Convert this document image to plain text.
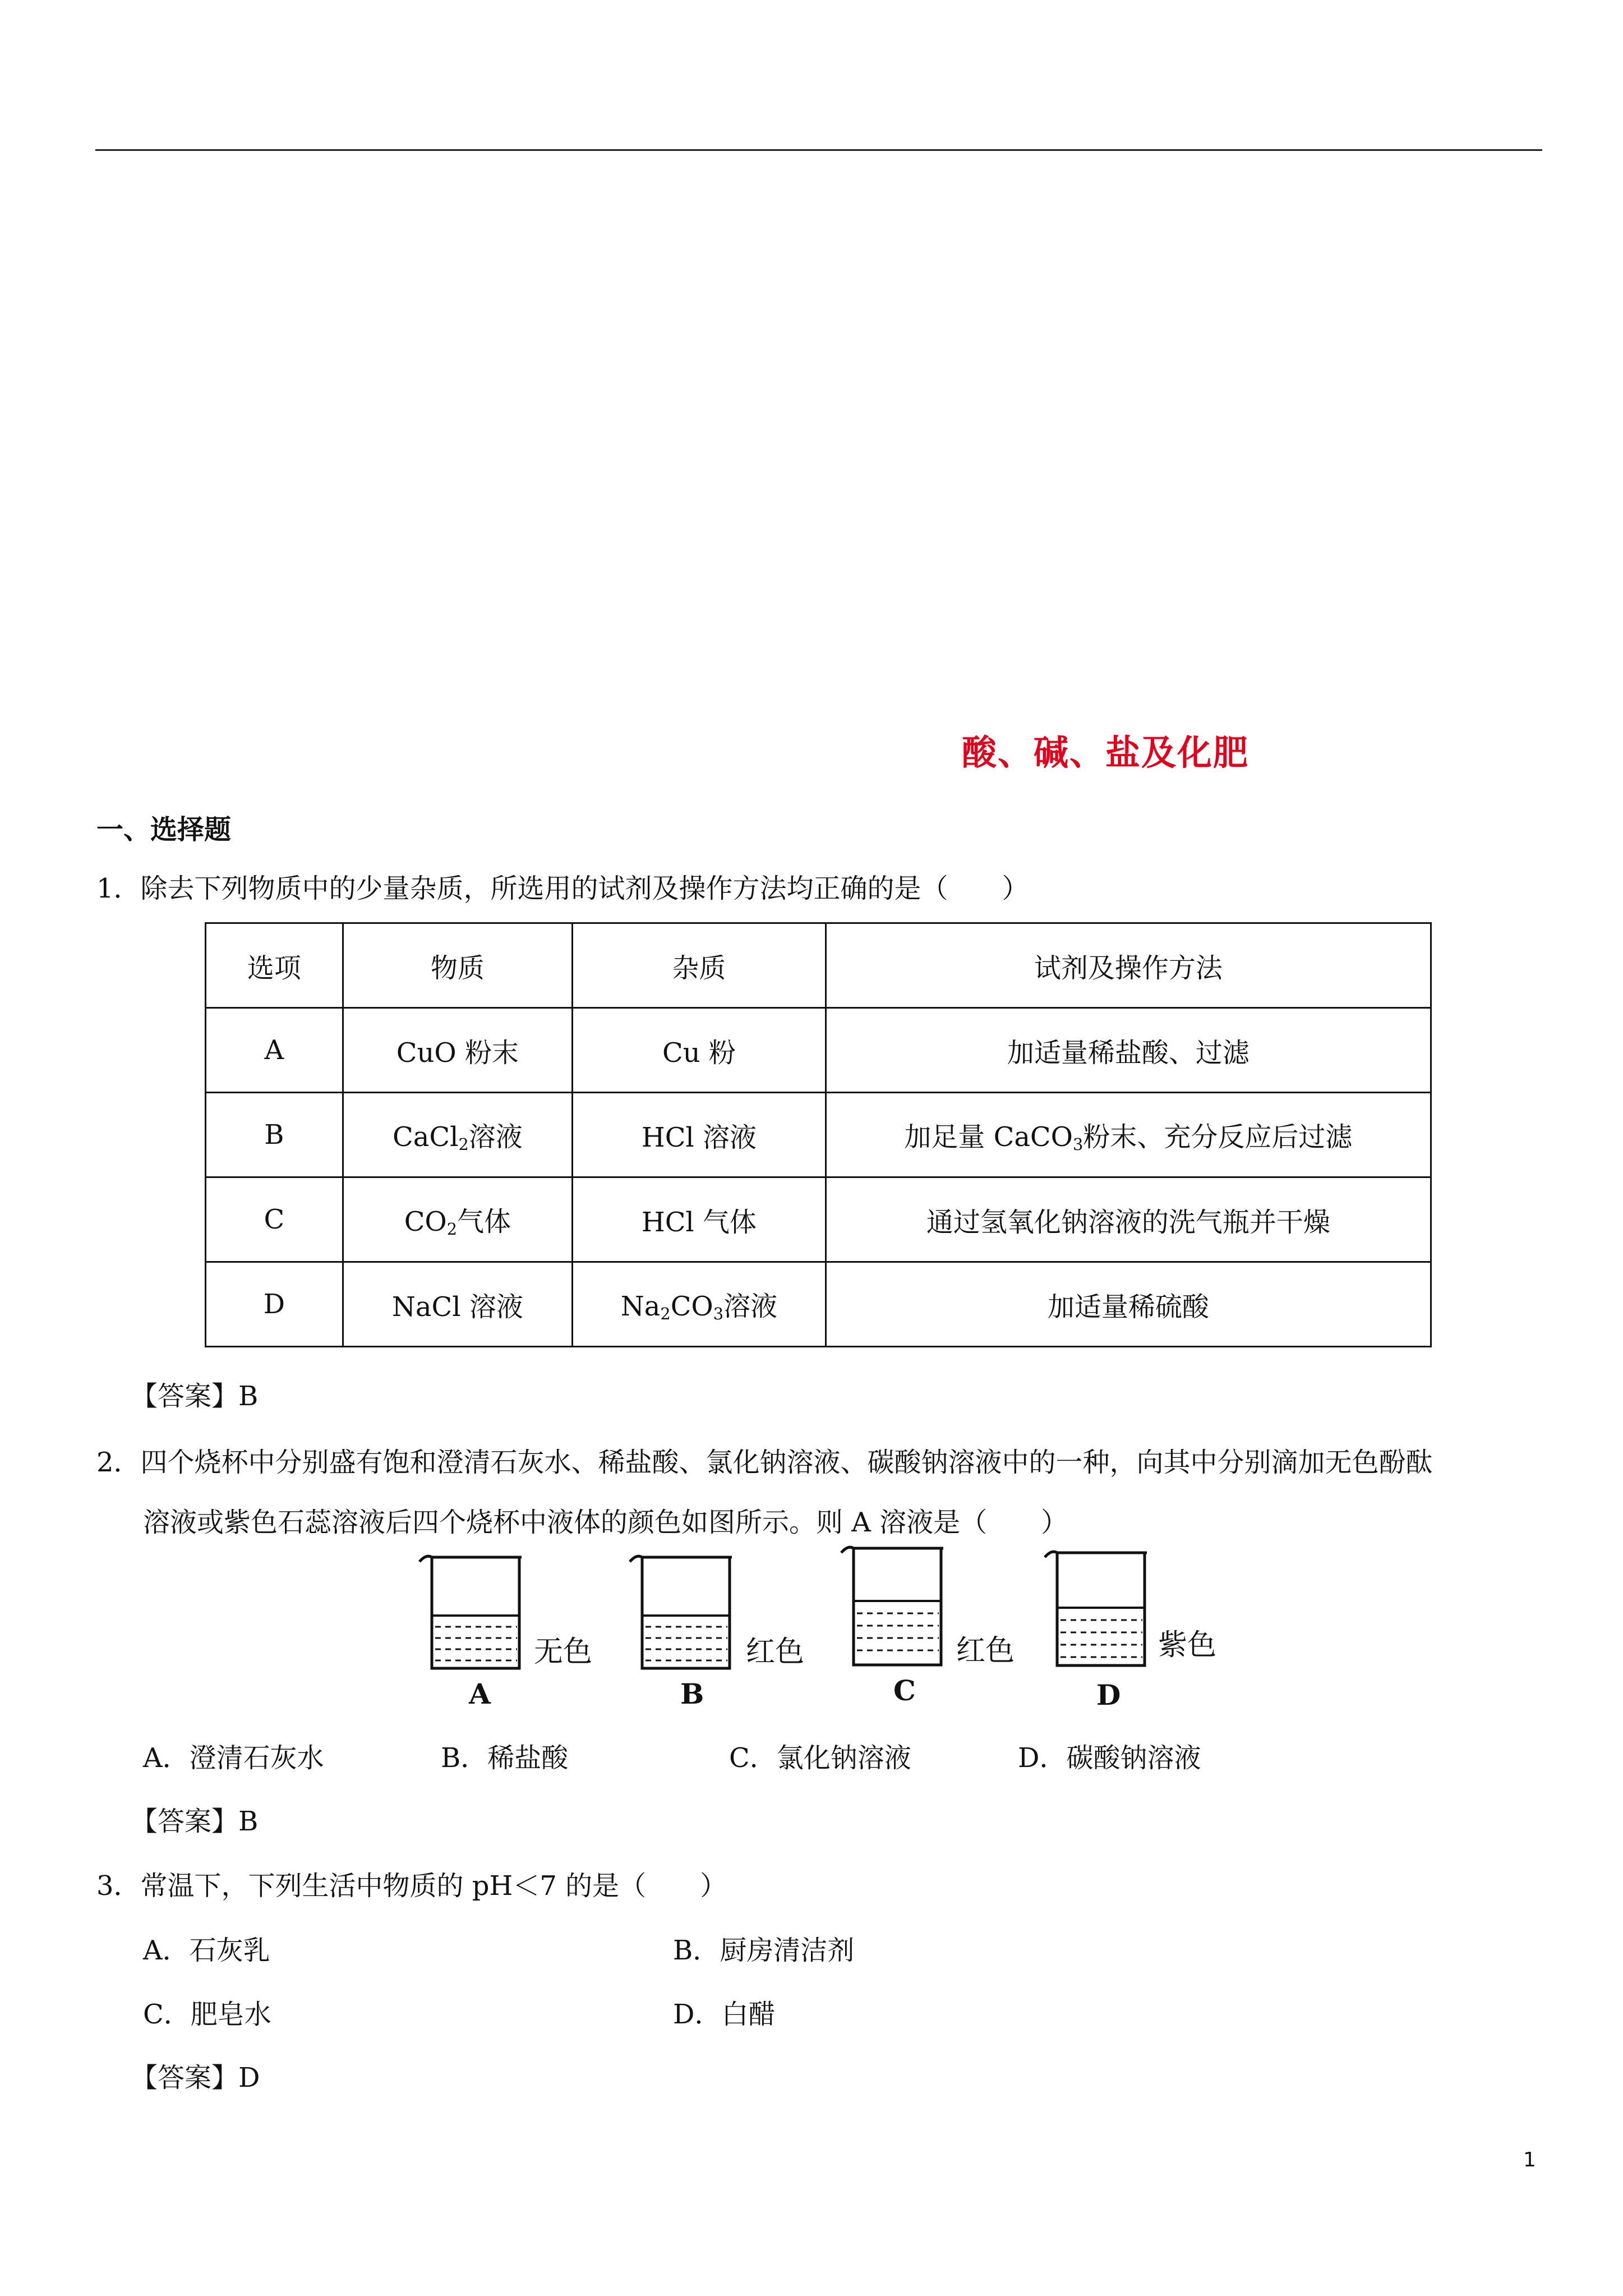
酸、碱、盐及化肥
一、选择题
1．除去下列物质中的少量杂质，所选用的试剂及操作方法均正确的是（　　）
选项	物质	杂质	试剂及操作方法
A	CuO 粉末	Cu 粉	加适量稀盐酸、过滤
B	CaCl$_2$溶液	HCl 溶液	加足量 CaCO$_3$粉末、充分反应后过滤
C	$CO_2$气体	HCl 气体	通过氢氧化钠溶液的洗气瓶并干燥
D	NaCl 溶液	$Na_2CO_3$溶液	加适量稀硫酸
【答案】B
2．四个烧杯中分别盛有饱和澄清石灰水、稀盐酸、氯化钠溶液、碳酸钠溶液中的一种，向其中分别滴加无色酚酞
溶液或紫色石蕊溶液后四个烧杯中液体的颜色如图所示。则 A 溶液是（　　）
无色
A
红色
B
红色
C
紫色
D
A．澄清石灰水	B．稀盐酸	C．氯化钠溶液	D．碳酸钠溶液
【答案】B
3．常温下，下列生活中物质的 pH＜7 的是（　　）
A．石灰乳	B．厨房清洁剂
C．肥皂水	D．白醋
【答案】D
1
